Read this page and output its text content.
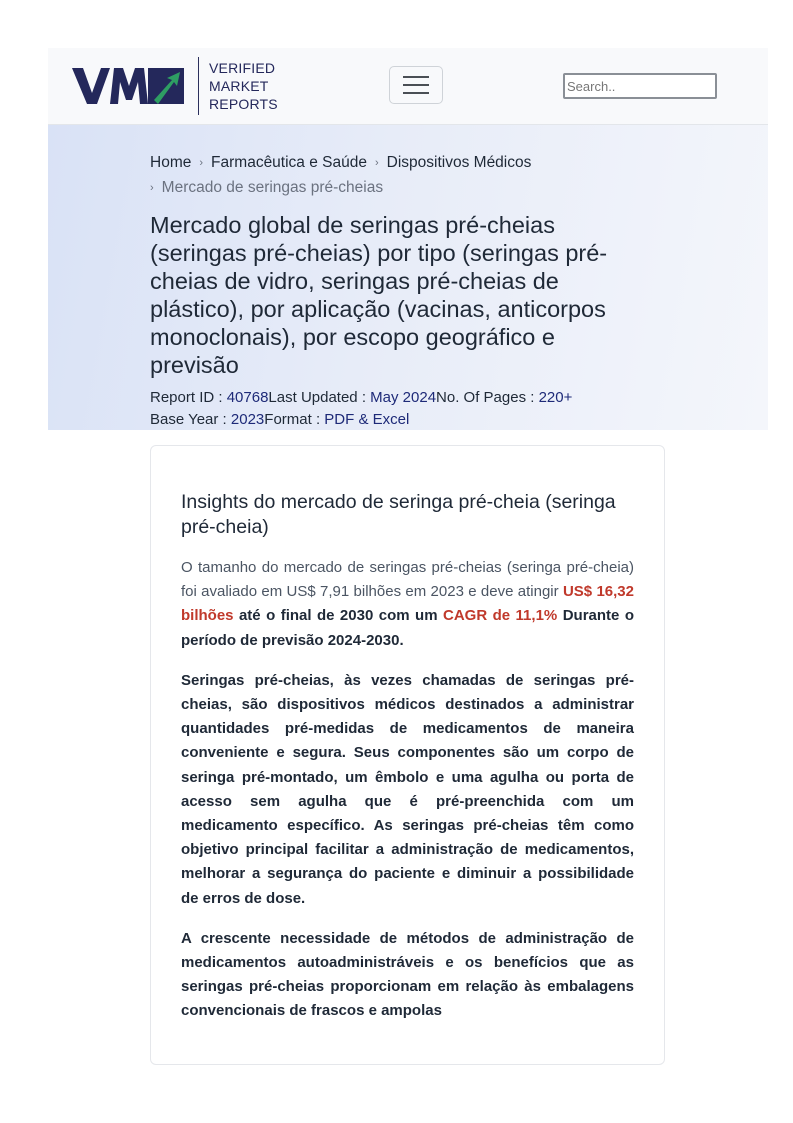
VERIFIED
MARKET
REPORTS
Search..
Home › Farmacêutica e Saúde › Dispositivos Médicos
› Mercado de seringas pré-cheias
Mercado global de seringas pré-cheias (seringas pré-cheias) por tipo (seringas pré-cheias de vidro, seringas pré-cheias de plástico), por aplicação (vacinas, anticorpos monoclonais), por escopo geográfico e previsão
Report ID : 40768Last Updated : May 2024No. Of Pages : 220+
Base Year : 2023Format : PDF & Excel
Insights do mercado de seringa pré-cheia (seringa pré-cheia)

O tamanho do mercado de seringas pré-cheias (seringa pré-cheia) foi avaliado em US$ 7,91 bilhões em 2023 e deve atingir US$ 16,32 bilhões até o final de 2030 com um CAGR de 11,1% Durante o período de previsão 2024-2030.

Seringas pré-cheias, às vezes chamadas de seringas pré-cheias, são dispositivos médicos destinados a administrar quantidades pré-medidas de medicamentos de maneira conveniente e segura. Seus componentes são um corpo de seringa pré-montado, um êmbolo e uma agulha ou porta de acesso sem agulha que é pré-preenchida com um medicamento específico. As seringas pré-cheias têm como objetivo principal facilitar a administração de medicamentos, melhorar a segurança do paciente e diminuir a possibilidade de erros de dose.

A crescente necessidade de métodos de administração de medicamentos autoadministráveis e os benefícios que as seringas pré-cheias proporcionam em relação às embalagens convencionais de frascos e ampolas
